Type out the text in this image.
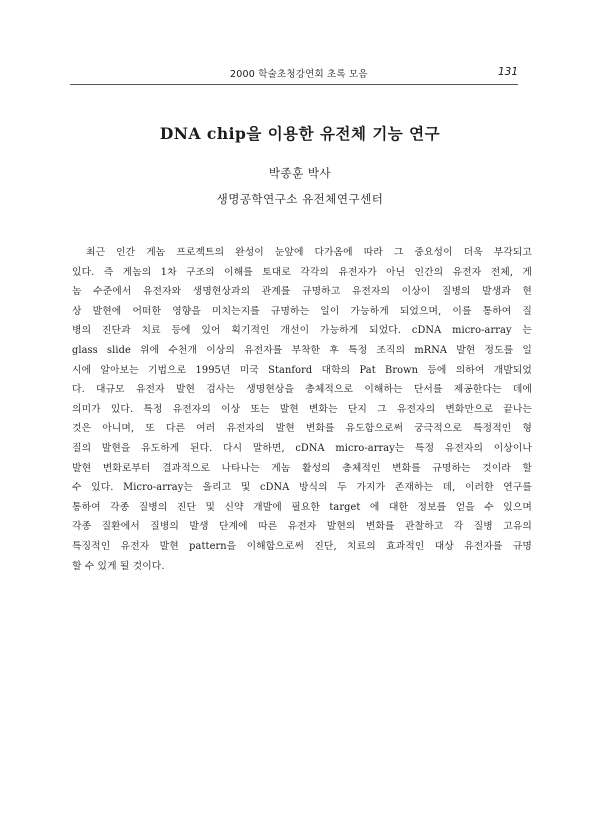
2000 학술초청강연회 초록 모음	131
DNA chip을 이용한 유전체 기능 연구
박종훈 박사
생명공학연구소 유전체연구센터
최근 인간 게놈 프로젝트의 완성이 눈앞에 다가옴에 따라 그 중요성이 더욱 부각되고
있다. 즉 게놈의 1차 구조의 이해를 토대로 각각의 유전자가 아닌 인간의 유전자 전체, 게
놈 수준에서 유전자와 생명현상과의 관계를 규명하고 유전자의 이상이 질병의 발생과 현
상 발현에 어떠한 영향을 미치는지를 규명하는 일이 가능하게 되었으며, 이를 통하여 질
병의 진단과 치료 등에 있어 획기적인 개선이 가능하게 되었다. cDNA micro-array 는
glass slide 위에 수천개 이상의 유전자를 부착한 후 특정 조직의 mRNA 발현 정도를 일
시에 알아보는 기법으로 1995년 미국 Stanford 대학의 Pat Brown 등에 의하여 개발되었
다. 대규모 유전자 발현 검사는 생명현상을 총체적으로 이해하는 단서를 제공한다는 데에
의미가 있다. 특정 유전자의 이상 또는 발현 변화는 단지 그 유전자의 변화만으로 끝나는
것은 아니며, 또 다른 여러 유전자의 발현 변화를 유도함으로써 궁극적으로 특정적인 형
질의 발현을 유도하게 된다. 다시 말하면, cDNA micro-array는 특정 유전자의 이상이나
발현 변화로부터 결과적으로 나타나는 게놈 활성의 총체적인 변화를 규명하는 것이라 할
수 있다. Micro-array는 올리고 및 cDNA 방식의 두 가지가 존재하는 데, 이러한 연구를
통하여 각종 질병의 진단 및 신약 개발에 필요한 target 에 대한 정보를 얻을 수 있으며
각종 질환에서 질병의 발생 단계에 따른 유전자 발현의 변화를 관찰하고 각 질병 고유의
특징적인 유전자 발현 pattern을 이해함으로써 진단, 치료의 효과적인 대상 유전자를 규명
할 수 있게 될 것이다.
